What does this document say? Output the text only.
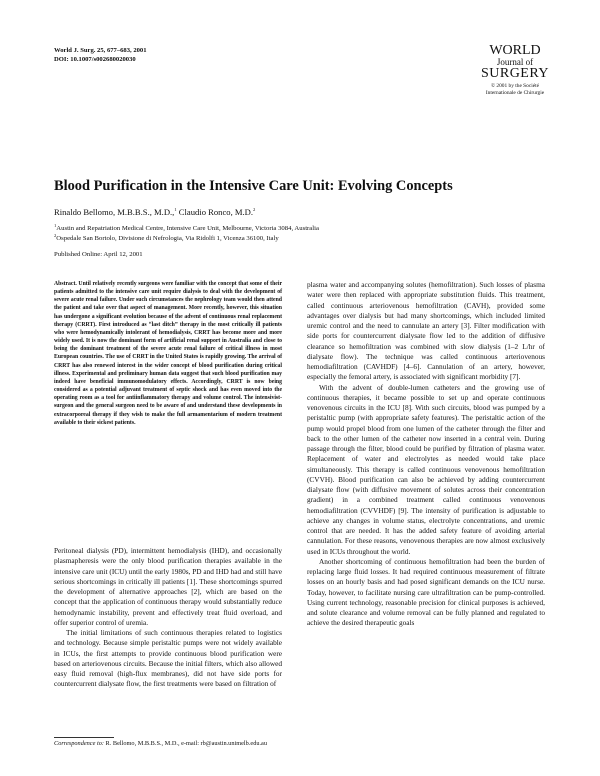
World J. Surg. 25, 677–683, 2001
DOI: 10.1007/s002680020030
WORLD
Journal of
SURGERY
© 2001 by the Société
Internationale de Chirurgie
Blood Purification in the Intensive Care Unit: Evolving Concepts
Rinaldo Bellomo, M.B.B.S., M.D.,$^1$ Claudio Ronco, M.D.$^2$
$^1$Austin and Repatriation Medical Centre, Intensive Care Unit, Melbourne, Victoria 3084, Australia
$^2$Ospedale San Bortolo, Divisione di Nefrologia, Via Ridolfi 1, Vicenza 36100, Italy
Published Online: April 12, 2001

Abstract. Until relatively recently surgeons were familiar with the concept that some of their patients admitted to the intensive care unit require dialysis to deal with the development of severe acute renal failure. Under such circumstances the nephrology team would then attend the patient and take over that aspect of management. More recently, however, this situation has undergone a significant evolution because of the advent of continuous renal replacement therapy (CRRT). First introduced as “last ditch” therapy in the most critically ill patients who were hemodynamically intolerant of hemodialysis, CRRT has become more and more widely used. It is now the dominant form of artificial renal support in Australia and close to being the dominant treatment of the severe acute renal failure of critical illness in most European countries. The use of CRRT in the United States is rapidly growing. The arrival of CRRT has also renewed interest in the wider concept of blood purification during critical illness. Experimental and preliminary human data suggest that such blood purification may indeed have beneficial immunomodulatory effects. Accordingly, CRRT is now being considered as a potential adjuvant treatment of septic shock and has even moved into the operating room as a tool for antiinflammatory therapy and volume control. The intensivist-surgeon and the general surgeon need to be aware of and understand these developments in extracorporeal therapy if they wish to make the full armamentarium of modern treatment available to their sickest patients.

Peritoneal dialysis (PD), intermittent hemodialysis (IHD), and occasionally plasmapheresis were the only blood purification therapies available in the intensive care unit (ICU) until the early 1980s, PD and IHD had and still have serious shortcomings in critically ill patients [1]. These shortcomings spurred the development of alternative approaches [2], which are based on the concept that the application of continuous therapy would substantially reduce hemodynamic instability, prevent and effectively treat fluid overload, and offer superior control of uremia.

The initial limitations of such continuous therapies related to logistics and technology. Because simple peristaltic pumps were not widely available in ICUs, the first attempts to provide continuous blood purification were based on arteriovenous circuits. Because the initial filters, which also allowed easy fluid removal (high-flux membranes), did not have side ports for countercurrent dialysate flow, the first treatments were based on filtration of

plasma water and accompanying solutes (hemofiltration). Such losses of plasma water were then replaced with appropriate substitution fluids. This treatment, called continuous arteriovenous hemofiltration (CAVH), provided some advantages over dialysis but had many shortcomings, which included limited uremic control and the need to cannulate an artery [3]. Filter modification with side ports for countercurrent dialysate flow led to the addition of diffusive clearance so hemofiltration was combined with slow dialysis (1–2 L/hr of dialysate flow). The technique was called continuous arteriovenous hemodiafiltration (CAVHDF) [4–6]. Cannulation of an artery, however, especially the femoral artery, is associated with significant morbidity [7].

With the advent of double-lumen catheters and the growing use of continuous therapies, it became possible to set up and operate continuous venovenous circuits in the ICU [8]. With such circuits, blood was pumped by a peristaltic pump (with appropriate safety features). The peristaltic action of the pump would propel blood from one lumen of the catheter through the filter and back to the other lumen of the catheter now inserted in a central vein. During passage through the filter, blood could be purified by filtration of plasma water. Replacement of water and electrolytes as needed would take place simultaneously. This therapy is called continuous venovenous hemofiltration (CVVH). Blood purification can also be achieved by adding countercurrent dialysate flow (with diffusive movement of solutes across their concentration gradient) in a combined treatment called continuous venovenous hemodiafiltration (CVVHDF) [9]. The intensity of purification is adjustable to achieve any changes in volume status, electrolyte concentrations, and uremic control that are needed. It has the added safety feature of avoiding arterial cannulation. For these reasons, venovenous therapies are now almost exclusively used in ICUs throughout the world.

Another shortcoming of continuous hemofiltration had been the burden of replacing large fluid losses. It had required continuous measurement of filtrate losses on an hourly basis and had posed significant demands on the ICU nurse. Today, however, to facilitate nursing care ultrafiltration can be pump-controlled. Using current technology, reasonable precision for clinical purposes is achieved, and solute clearance and volume removal can be fully planned and regulated to achieve the desired therapeutic goals

Correspondence to: R. Bellomo, M.B.B.S., M.D., e-mail: rb@austin.unimelb.edu.au
